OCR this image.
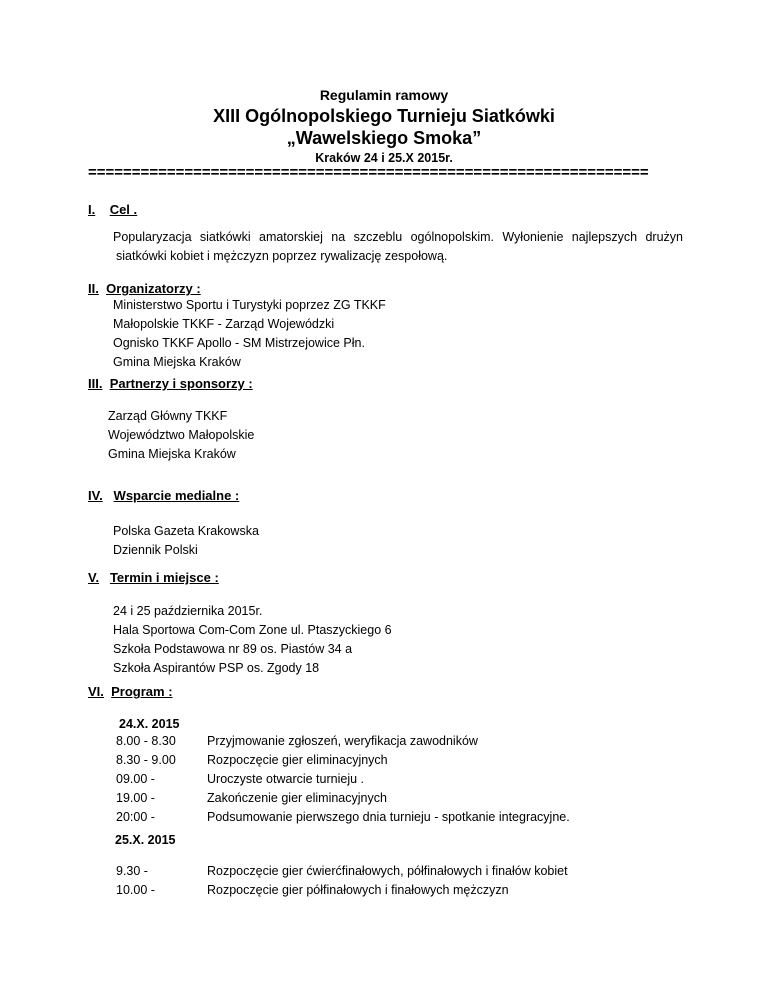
Regulamin ramowy
XIII Ogólnopolskiego Turnieju Siatkówki
„Wawelskiego Smoka”
Kraków 24 i 25.X 2015r.
================================================================
I. Cel .
Popularyzacja siatkówki amatorskiej na szczeblu ogólnopolskim. Wyłonienie najlepszych drużyn
siatkówki kobiet i mężczyzn poprzez rywalizację zespołową.
II. Organizatorzy :
Ministerstwo Sportu i Turystyki poprzez ZG TKKF
Małopolskie TKKF - Zarząd Wojewódzki
Ognisko TKKF Apollo - SM Mistrzejowice Płn.
Gmina Miejska Kraków
III. Partnerzy i sponsorzy :
Zarząd Główny TKKF
Województwo Małopolskie
Gmina Miejska Kraków
IV. Wsparcie medialne :
Polska Gazeta Krakowska
Dziennik Polski
V. Termin i miejsce :
24 i 25 października 2015r.
Hala Sportowa Com-Com Zone ul. Ptaszyckiego 6
Szkoła Podstawowa nr 89 os. Piastów 34 a
Szkoła Aspirantów PSP os. Zgody 18
VI. Program :
24.X. 2015
8.00 - 8.30 Przyjmowanie zgłoszeń, weryfikacja zawodników
8.30 - 9.00 Rozpoczęcie gier eliminacyjnych
09.00 -	Uroczyste otwarcie turnieju .
19.00 -	Zakończenie gier eliminacyjnych
20:00 -	Podsumowanie pierwszego dnia turnieju - spotkanie integracyjne.
25.X. 2015
9.30 -	Rozpoczęcie gier ćwierćfinałowych, półfinałowych i finałów kobiet
10.00 -	Rozpoczęcie gier półfinałowych i finałowych mężczyzn
